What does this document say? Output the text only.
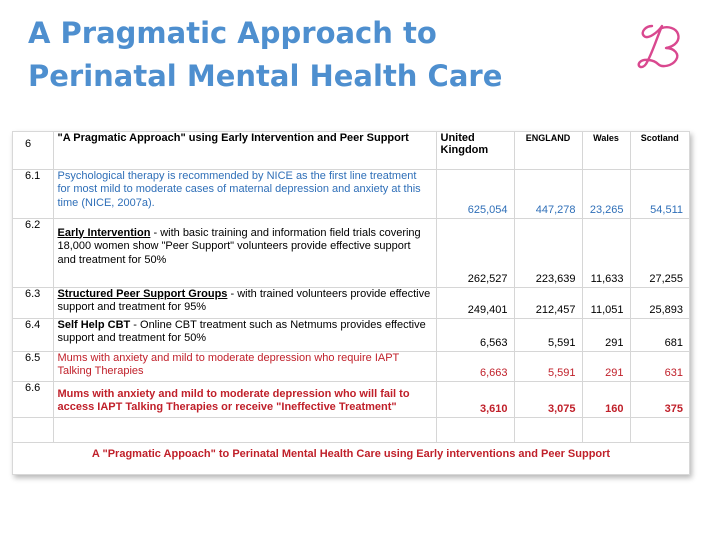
A Pragmatic Approach to
Perinatal Mental Health Care
6	"A Pragmatic Approach" using Early Intervention and Peer Support	United Kingdom	ENGLAND	Wales	Scotland
6.1	Psychological therapy is recommended by NICE as the first line treatment for most mild to moderate cases of maternal depression and anxiety at this time (NICE, 2007a).	625,054	447,278	23,265	54,511
6.2	Early Intervention - with basic training and information field trials covering 18,000 women show "Peer Support" volunteers provide effective support and treatment for 50%	262,527	223,639	11,633	27,255
6.3	Structured Peer Support Groups - with trained volunteers provide effective support and treatment for 95%	249,401	212,457	11,051	25,893
6.4	Self Help CBT - Online CBT treatment such as Netmums provides effective support and treatment for 50%	6,563	5,591	291	681
6.5	Mums with anxiety and mild to moderate depression who require IAPT Talking Therapies	6,663	5,591	291	631
6.6	Mums with anxiety and mild to moderate depression who will fail to access IAPT Talking Therapies or receive "Ineffective Treatment"	3,610	3,075	160	375

A "Pragmatic Appoach" to Perinatal Mental Health Care using Early interventions and Peer Support
